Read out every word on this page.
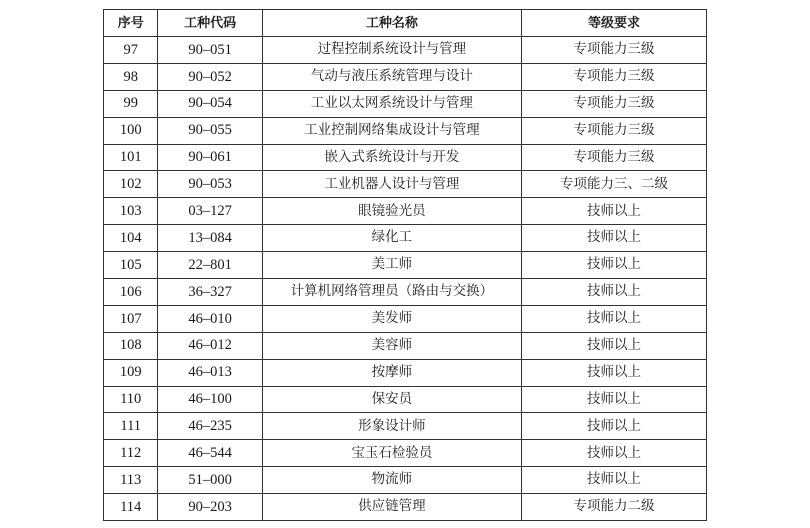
序号	工种代码	工种名称	等级要求
97	90–051	过程控制系统设计与管理	专项能力三级
98	90–052	气动与液压系统管理与设计	专项能力三级
99	90–054	工业以太网系统设计与管理	专项能力三级
100	90–055	工业控制网络集成设计与管理	专项能力三级
101	90–061	嵌入式系统设计与开发	专项能力三级
102	90–053	工业机器人设计与管理	专项能力三、二级
103	03–127	眼镜验光员	技师以上
104	13–084	绿化工	技师以上
105	22–801	美工师	技师以上
106	36–327	计算机网络管理员（路由与交换）	技师以上
107	46–010	美发师	技师以上
108	46–012	美容师	技师以上
109	46–013	按摩师	技师以上
110	46–100	保安员	技师以上
111	46–235	形象设计师	技师以上
112	46–544	宝玉石检验员	技师以上
113	51–000	物流师	技师以上
114	90–203	供应链管理	专项能力二级
